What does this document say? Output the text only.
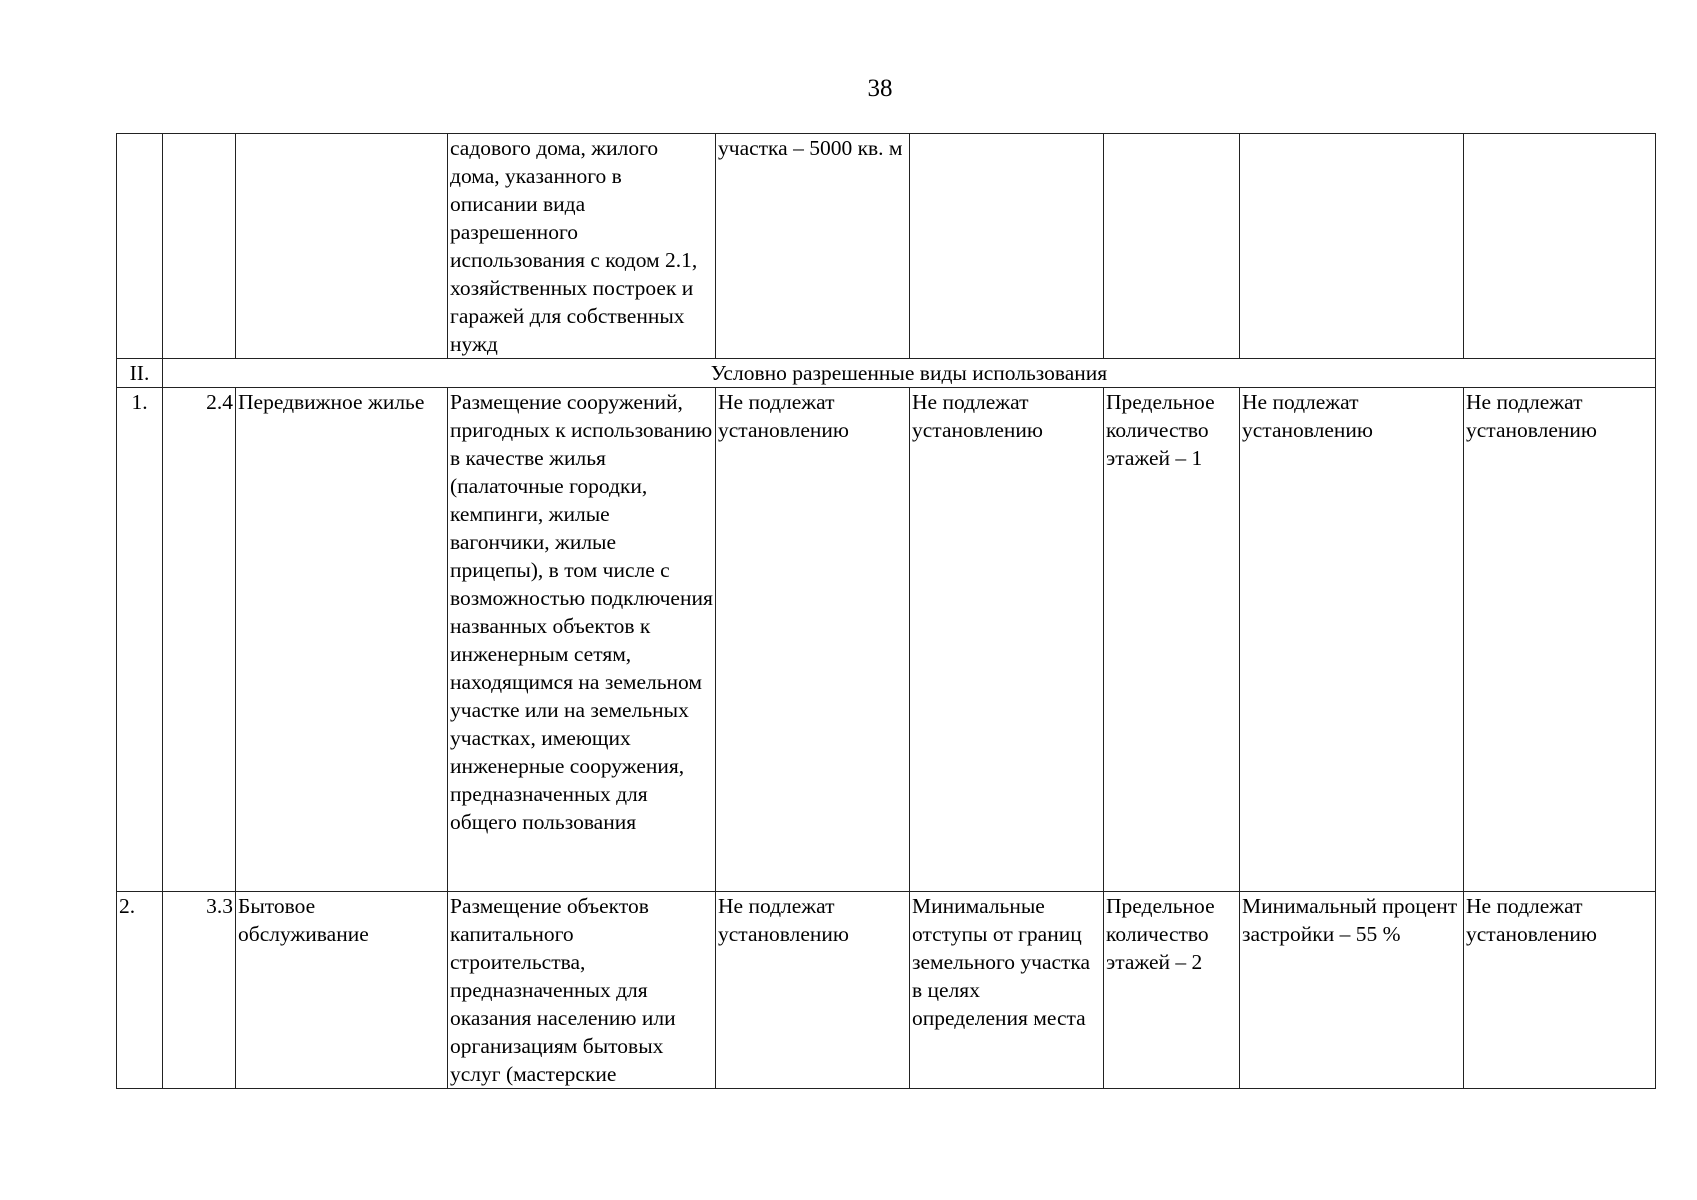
38
			садового дома, жилого дома, указанного в описании вида разрешенного использования с кодом 2.1, хозяйственных построек и гаражей для собственных нужд	участка – 5000 кв. м				
II.	Условно разрешенные виды использования							
1.	2.4	Передвижное жилье	Размещение сооружений, пригодных к использованию в качестве жилья (палаточные городки, кемпинги, жилые вагончики, жилые прицепы), в том числе с возможностью подключения названных объектов к инженерным сетям, находящимся на земельном участке или на земельных участках, имеющих инженерные сооружения, предназначенных для общего пользования	Не подлежат установлению	Не подлежат установлению	Предельное количество этажей – 1	Не подлежат установлению	Не подлежат установлению
2.	3.3	Бытовое обслуживание	Размещение объектов капитального строительства, предназначенных для оказания населению или организациям бытовых услуг (мастерские	Не подлежат установлению	Минимальные отступы от границ земельного участка в целях определения места	Предельное количество этажей – 2	Минимальный процент застройки – 55 %	Не подлежат установлению
